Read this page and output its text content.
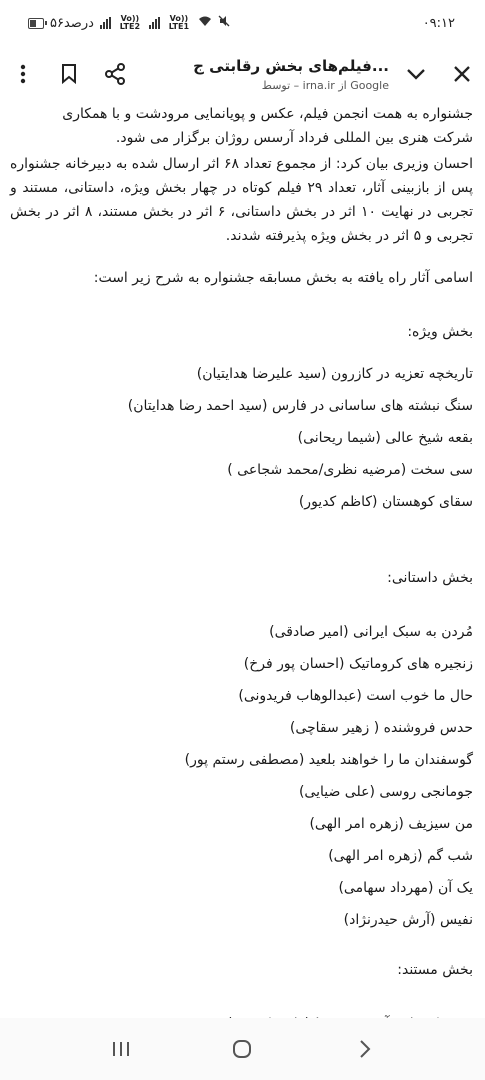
۵۶درصد	Vo)) LTE2
Vo)) LTE1	۰۹:۱۲
فیلم‌های بخش رقابتی ج...
توسط – irna.ir از Google

جشنواره به همت انجمن فیلم، عکس و پویانمایی مرودشت و با همکاری

شرکت هنری بین المللی فرداد آرسس روژان برگزار می شود.

احسان وزیری بیان کرد: از مجموع تعداد ۶۸ اثر ارسال شده به دبیرخانه جشنواره پس از بازبینی آثار، تعداد ۲۹ فیلم کوتاه در چهار بخش ویژه، داستانی، مستند و تجربی در نهایت ۱۰ اثر در بخش داستانی، ۶ اثر در بخش مستند، ۸ اثر در بخش تجربی و ۵ اثر در بخش ویژه پذیرفته شدند.

اسامی آثار راه یافته به بخش مسابقه جشنواره به شرح زیر است:

بخش ویژه:

تاریخچه تعزیه در کازرون (سید علیرضا هدایتیان)

سنگ نبشته های ساسانی در فارس (سید احمد رضا هدایتان)

بقعه شیخ عالی (شیما ریحانی)

سی سخت (مرضیه نظری/محمد شجاعی )

سقای کوهستان (کاظم کدیور)

بخش داستانی:

مُردن به سبک ایرانی (امیر صادقی)

زنجیره های کروماتیک (احسان پور فرخ)

حال ما خوب است (عبدالوهاب فریدونی)

حدس فروشنده ( زهیر سقاچی)

گوسفندان ما را خواهند بلعید (مصطفی رستم پور)

جومانجی روسی (علی ضیایی)

من سیزیف (زهره امر الهی)

شب گم (زهره امر الهی)

یک آن (مهرداد سهامی)

نفیس (آرش حیدرنژاد)

بخش مستند:
